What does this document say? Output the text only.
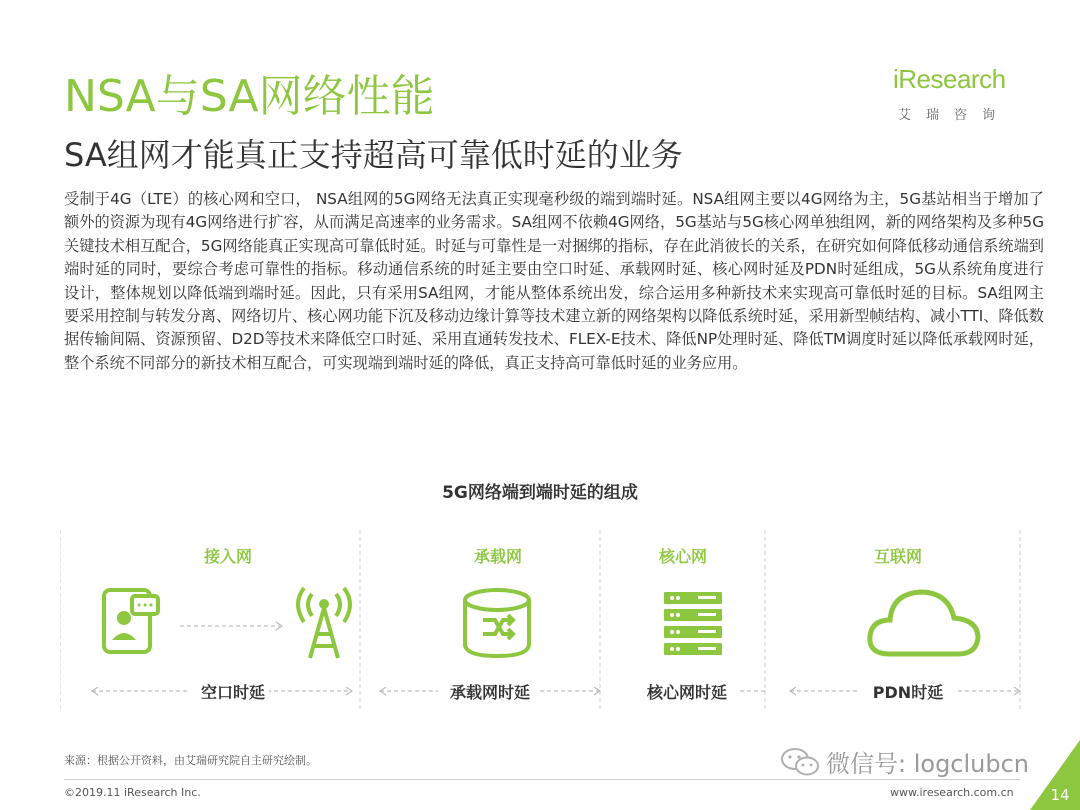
NSA与SA网络性能
SA组网才能真正支持超高可靠低时延的业务
iResearch
艾瑞咨询
受制于4G（LTE）的核心网和空口， NSA组网的5G网络无法真正实现毫秒级的端到端时延。NSA组网主要以4G网络为主，5G基站相当于增加了额外的资源为现有4G网络进行扩容，从而满足高速率的业务需求。SA组网不依赖4G网络，5G基站与5G核心网单独组网，新的网络架构及多种5G关键技术相互配合，5G网络能真正实现高可靠低时延。时延与可靠性是一对捆绑的指标，存在此消彼长的关系，在研究如何降低移动通信系统端到端时延的同时，要综合考虑可靠性的指标。移动通信系统的时延主要由空口时延、承载网时延、核心网时延及PDN时延组成，5G从系统角度进行设计，整体规划以降低端到端时延。因此，只有采用SA组网，才能从整体系统出发，综合运用多种新技术来实现高可靠低时延的目标。SA组网主要采用控制与转发分离、网络切片、核心网功能下沉及移动边缘计算等技术建立新的网络架构以降低系统时延，采用新型帧结构、减小TTI、降低数据传输间隔、资源预留、D2D等技术来降低空口时延、采用直通转发技术、FLEX-E技术、降低NP处理时延、降低TM调度时延以降低承载网时延，整个系统不同部分的新技术相互配合，可实现端到端时延的降低，真正支持高可靠低时延的业务应用。
5G网络端到端时延的组成
接入网	承载网	核心网	互联网
空口时延	承载网时延	核心网时延	PDN时延
来源：根据公开资料，由艾瑞研究院自主研究绘制。	微信号: logclubcn
©2019.11 iResearch Inc.	www.iresearch.com.cn	14
